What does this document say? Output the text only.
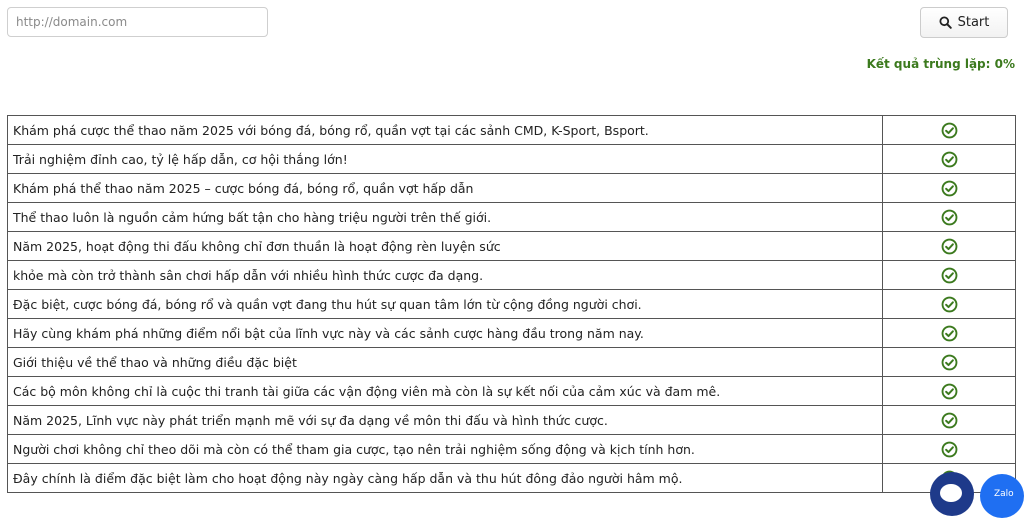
http://domain.com
Start
Kết quả trùng lặp: 0%
Khám phá cược thể thao năm 2025 với bóng đá, bóng rổ, quần vợt tại các sảnh CMD, K-Sport, Bsport.	
Trải nghiệm đỉnh cao, tỷ lệ hấp dẫn, cơ hội thắng lớn!	
Khám phá thể thao năm 2025 – cược bóng đá, bóng rổ, quần vợt hấp dẫn	
Thể thao luôn là nguồn cảm hứng bất tận cho hàng triệu người trên thế giới.	
Năm 2025, hoạt động thi đấu không chỉ đơn thuần là hoạt động rèn luyện sức	
khỏe mà còn trở thành sân chơi hấp dẫn với nhiều hình thức cược đa dạng.	
Đặc biệt, cược bóng đá, bóng rổ và quần vợt đang thu hút sự quan tâm lớn từ cộng đồng người chơi.	
Hãy cùng khám phá những điểm nổi bật của lĩnh vực này và các sảnh cược hàng đầu trong năm nay.	
Giới thiệu về thể thao và những điều đặc biệt	
Các bộ môn không chỉ là cuộc thi tranh tài giữa các vận động viên mà còn là sự kết nối của cảm xúc và đam mê.	
Năm 2025, Lĩnh vực này phát triển mạnh mẽ với sự đa dạng về môn thi đấu và hình thức cược.	
Người chơi không chỉ theo dõi mà còn có thể tham gia cược, tạo nên trải nghiệm sống động và kịch tính hơn.	
Đây chính là điểm đặc biệt làm cho hoạt động này ngày càng hấp dẫn và thu hút đông đảo người hâm mộ.	
Zalo
